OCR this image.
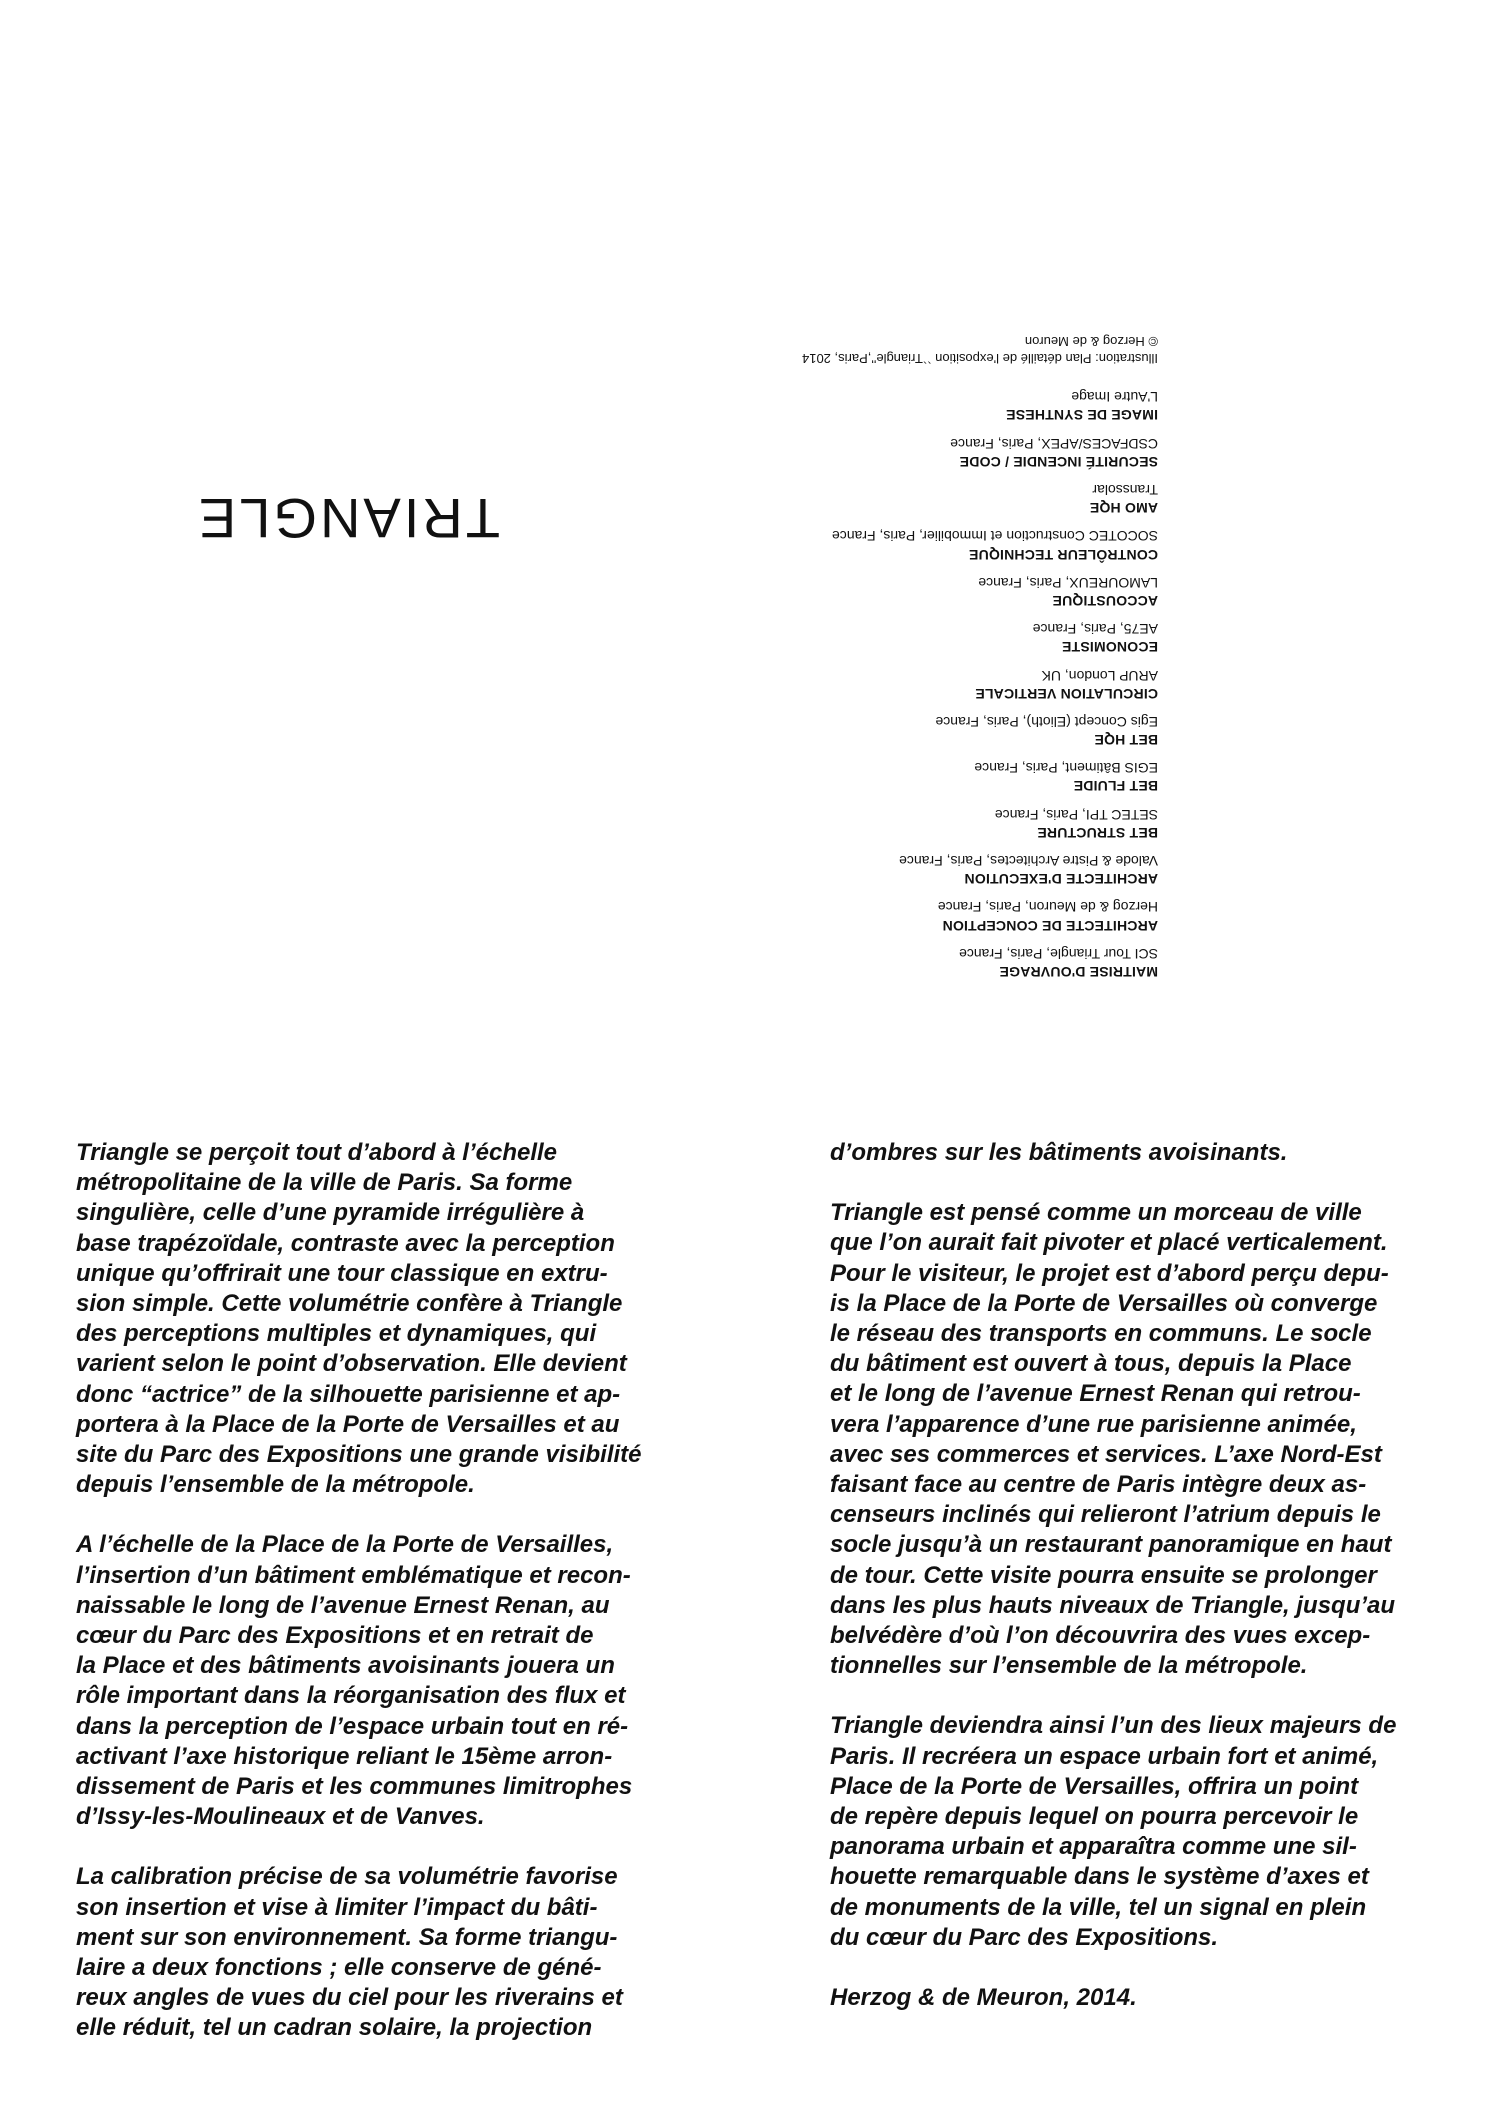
MAITRISE D'OUVRAGE
SCI Tour Triangle, Paris, France
ARCHITECTE DE CONCEPTION
Herzog & de Meuron, Paris, France
ARCHITECTE D'EXECUTION
Valode & Pistre Architectes, Paris, France
BET STRUCTURE
SETEC TPI, Paris, France
BET FLUIDE
EGIS Bâtiment, Paris, France
BET HQE
Egis Concept (Elioth), Paris, France
CIRCULATION VERTICALE
ARUP London, UK
ECONOMISTE
AE75, Paris, France
ACCOUSTIQUE
LAMOUREUX, Paris, France
CONTRÔLEUR TECHNIQUE
SOCOTEC Construction et Immobilier, Paris, France
AMO HQE
Transsolar
SECURITÉ INCENDIE / CODE
CSDFACES/APEX, Paris, France
IMAGE DE SYNTHESE
L'Autre Image
Illustration: Plan détaillé de l'exposition ``Triangle'',Paris, 2014
© Herzog & de Meuron
TRIANGLE

Triangle se perçoit tout d’abord à l’échelle
métropolitaine de la ville de Paris. Sa forme
singulière, celle d’une pyramide irrégulière à
base trapézoïdale, contraste avec la perception
unique qu’offrirait une tour classique en extru-
sion simple. Cette volumétrie confère à Triangle
des perceptions multiples et dynamiques, qui
varient selon le point d’observation. Elle devient
donc “actrice” de la silhouette parisienne et ap-
portera à la Place de la Porte de Versailles et au
site du Parc des Expositions une grande visibilité
depuis l’ensemble de la métropole.

A l’échelle de la Place de la Porte de Versailles,
l’insertion d’un bâtiment emblématique et recon-
naissable le long de l’avenue Ernest Renan, au
cœur du Parc des Expositions et en retrait de
la Place et des bâtiments avoisinants jouera un
rôle important dans la réorganisation des flux et
dans la perception de l’espace urbain tout en ré-
activant l’axe historique reliant le 15ème arron-
dissement de Paris et les communes limitrophes
d’Issy-les-Moulineaux et de Vanves.

La calibration précise de sa volumétrie favorise
son insertion et vise à limiter l’impact du bâti-
ment sur son environnement. Sa forme triangu-
laire a deux fonctions ; elle conserve de géné-
reux angles de vues du ciel pour les riverains et
elle réduit, tel un cadran solaire, la projection

d’ombres sur les bâtiments avoisinants.

Triangle est pensé comme un morceau de ville
que l’on aurait fait pivoter et placé verticalement.
Pour le visiteur, le projet est d’abord perçu depu-
is la Place de la Porte de Versailles où converge
le réseau des transports en communs. Le socle
du bâtiment est ouvert à tous, depuis la Place
et le long de l’avenue Ernest Renan qui retrou-
vera l’apparence d’une rue parisienne animée,
avec ses commerces et services. L’axe Nord-Est
faisant face au centre de Paris intègre deux as-
censeurs inclinés qui relieront l’atrium depuis le
socle jusqu’à un restaurant panoramique en haut
de tour. Cette visite pourra ensuite se prolonger
dans les plus hauts niveaux de Triangle, jusqu’au
belvédère d’où l’on découvrira des vues excep-
tionnelles sur l’ensemble de la métropole.

Triangle deviendra ainsi l’un des lieux majeurs de
Paris. Il recréera un espace urbain fort et animé,
Place de la Porte de Versailles, offrira un point
de repère depuis lequel on pourra percevoir le
panorama urbain et apparaîtra comme une sil-
houette remarquable dans le système d’axes et
de monuments de la ville, tel un signal en plein
du cœur du Parc des Expositions.

Herzog & de Meuron, 2014.
